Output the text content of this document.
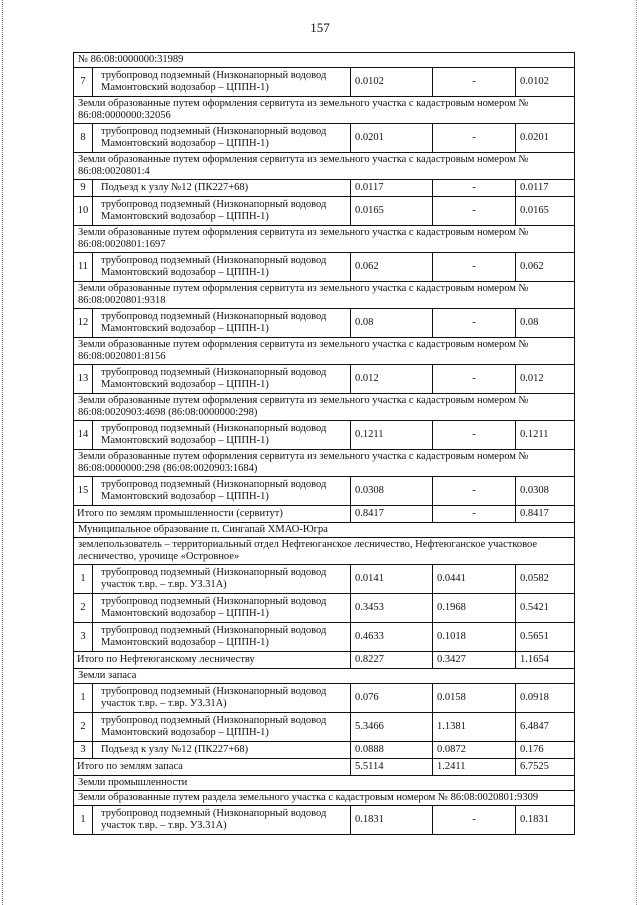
157
№ 86:08:0000000:31989				
7	трубопровод подземный (Низконапорный водовод Мамонтовский водозабор – ЦППН-1)	0.0102	-	0.0102
Земли образованные путем оформления сервитута из земельного участка с кадастровым номером № 86:08:0000000:32056				
8	трубопровод подземный (Низконапорный водовод Мамонтовский водозабор – ЦППН-1)	0.0201	-	0.0201
Земли образованные путем оформления сервитута из земельного участка с кадастровым номером № 86:08:0020801:4				
9	Подъезд к узлу №12 (ПК227+68)	0.0117	-	0.0117
10	трубопровод подземный (Низконапорный водовод Мамонтовский водозабор – ЦППН-1)	0.0165	-	0.0165
Земли образованные путем оформления сервитута из земельного участка с кадастровым номером № 86:08:0020801:1697				
11	трубопровод подземный (Низконапорный водовод Мамонтовский водозабор – ЦППН-1)	0.062	-	0.062
Земли образованные путем оформления сервитута из земельного участка с кадастровым номером № 86:08:0020801:9318				
12	трубопровод подземный (Низконапорный водовод Мамонтовский водозабор – ЦППН-1)	0.08	-	0.08
Земли образованные путем оформления сервитута из земельного участка с кадастровым номером № 86:08:0020801:8156				
13	трубопровод подземный (Низконапорный водовод Мамонтовский водозабор – ЦППН-1)	0.012	-	0.012
Земли образованные путем оформления сервитута из земельного участка с кадастровым номером № 86:08:0020903:4698 (86:08:0000000:298)				
14	трубопровод подземный (Низконапорный водовод Мамонтовский водозабор – ЦППН-1)	0.1211	-	0.1211
Земли образованные путем оформления сервитута из земельного участка с кадастровым номером № 86:08:0000000:298 (86:08:0020903:1684)				
15	трубопровод подземный (Низконапорный водовод Мамонтовский водозабор – ЦППН-1)	0.0308	-	0.0308
Итого по землям промышленности (сервитут)		0.8417	-	0.8417
Муниципальное образование п. Сингапай ХМАО-Югра				
землепользователь – территориальный отдел Нефтеюганское лесничество, Нефтеюганское участковое лесничество, урочище «Островное»				
1	трубопровод подземный (Низконапорный водовод участок т.вр. – т.вр. УЗ.31А)	0.0141	0.0441	0.0582
2	трубопровод подземный (Низконапорный водовод Мамонтовский водозабор – ЦППН-1)	0.3453	0.1968	0.5421
3	трубопровод подземный (Низконапорный водовод Мамонтовский водозабор – ЦППН-1)	0.4633	0.1018	0.5651
Итого по Нефтеюганскому лесничеству		0.8227	0.3427	1.1654
Земли запаса				
1	трубопровод подземный (Низконапорный водовод участок т.вр. – т.вр. УЗ.31А)	0.076	0.0158	0.0918
2	трубопровод подземный (Низконапорный водовод Мамонтовский водозабор – ЦППН-1)	5.3466	1.1381	6.4847
3	Подъезд к узлу №12 (ПК227+68)	0.0888	0.0872	0.176
Итого по землям запаса		5.5114	1.2411	6.7525
Земли промышленности				
Земли образованные путем раздела земельного участка с кадастровым номером № 86:08:0020801:9309				
1	трубопровод подземный (Низконапорный водовод участок т.вр. – т.вр. УЗ.31А)	0.1831	-	0.1831
